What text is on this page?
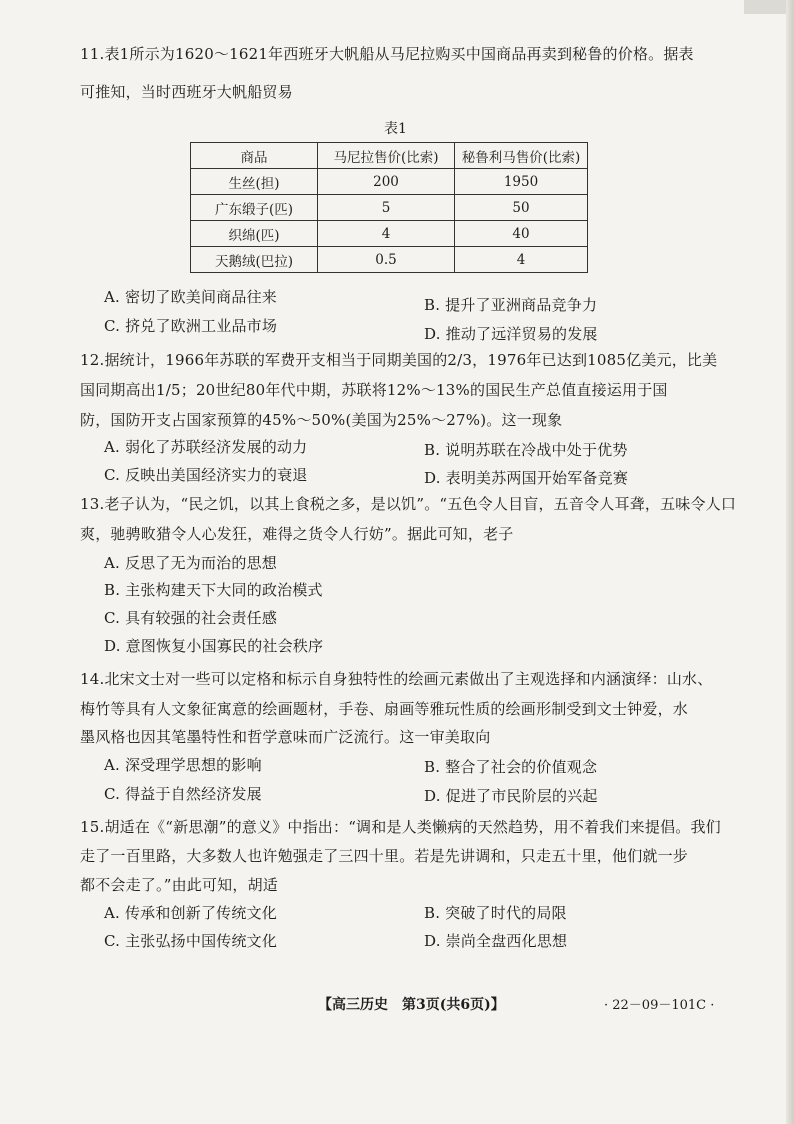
11.表1所示为1620～1621年西班牙大帆船从马尼拉购买中国商品再卖到秘鲁的价格。据表
可推知，当时西班牙大帆船贸易
表1
商品	马尼拉售价(比索)	秘鲁利马售价(比索)
生丝(担)	200	1950
广东缎子(匹)	5	50
织绵(匹)	4	40
天鹅绒(巴拉)	0.5	4
A. 密切了欧美间商品往来	B. 提升了亚洲商品竞争力
C. 挤兑了欧洲工业品市场	D. 推动了远洋贸易的发展
12.据统计，1966年苏联的军费开支相当于同期美国的2/3，1976年已达到1085亿美元，比美
国同期高出1/5；20世纪80年代中期，苏联将12%～13%的国民生产总值直接运用于国
防，国防开支占国家预算的45%～50%(美国为25%～27%)。这一现象
A. 弱化了苏联经济发展的动力	B. 说明苏联在冷战中处于优势
C. 反映出美国经济实力的衰退	D. 表明美苏两国开始军备竞赛
13.老子认为，“民之饥，以其上食税之多，是以饥”。“五色令人目盲，五音令人耳聋，五味令人口
爽，驰骋畋猎令人心发狂，难得之货令人行妨”。据此可知，老子
A. 反思了无为而治的思想
B. 主张构建天下大同的政治模式
C. 具有较强的社会责任感
D. 意图恢复小国寡民的社会秩序
14.北宋文士对一些可以定格和标示自身独特性的绘画元素做出了主观选择和内涵演绎：山水、
梅竹等具有人文象征寓意的绘画题材，手卷、扇画等雅玩性质的绘画形制受到文士钟爱，水
墨风格也因其笔墨特性和哲学意味而广泛流行。这一审美取向
A. 深受理学思想的影响	B. 整合了社会的价值观念
C. 得益于自然经济发展	D. 促进了市民阶层的兴起
15.胡适在《“新思潮”的意义》中指出：“调和是人类懒病的天然趋势，用不着我们来提倡。我们
走了一百里路，大多数人也许勉强走了三四十里。若是先讲调和，只走五十里，他们就一步
都不会走了。”由此可知，胡适
A. 传承和创新了传统文化	B. 突破了时代的局限
C. 主张弘扬中国传统文化	D. 崇尚全盘西化思想
【高三历史　第3页(共6页)】	· 22－09－101C ·
